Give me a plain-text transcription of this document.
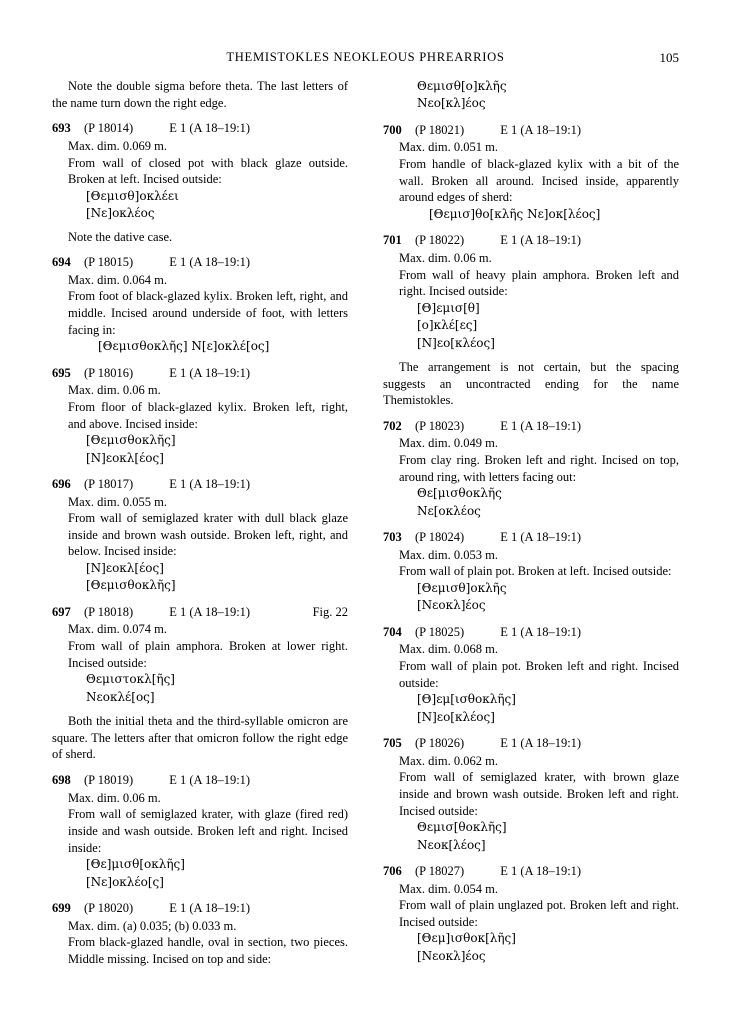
THEMISTOKLES NEOKLEOUS PHREARRIOS	105

Note the double sigma before theta. The last letters of the name turn down the right edge.

693	(P 18014)	E 1 (A 18–19:1)

Max. dim. 0.069 m.

From wall of closed pot with black glaze outside. Broken at left. Incised outside:

[Θεμισθ]οκλέει
[Νε]οκλέος

Note the dative case.

694	(P 18015)	E 1 (A 18–19:1)

Max. dim. 0.064 m.

From foot of black-glazed kylix. Broken left, right, and middle. Incised around underside of foot, with letters facing in:

[Θεμισθοκλῆς] Ν[ε]οκλέ[ος]
695	(P 18016)	E 1 (A 18–19:1)

Max. dim. 0.06 m.

From floor of black-glazed kylix. Broken left, right, and above. Incised inside:

[Θεμισθοκλῆς]
[Ν]εοκλ[έος]
696	(P 18017)	E 1 (A 18–19:1)

Max. dim. 0.055 m.

From wall of semiglazed krater with dull black glaze inside and brown wash outside. Broken left, right, and below. Incised inside:

[Ν]εοκλ[έος]
[Θεμισθοκλῆς]
697	(P 18018)	E 1 (A 18–19:1)	Fig. 22

Max. dim. 0.074 m.

From wall of plain amphora. Broken at lower right. Incised outside:

Θεμιστοκλ[ῆς]
Νεοκλέ[ος]

Both the initial theta and the third-syllable omicron are square. The letters after that omicron follow the right edge of sherd.

698	(P 18019)	E 1 (A 18–19:1)

Max. dim. 0.06 m.

From wall of semiglazed krater, with glaze (fired red) inside and wash outside. Broken left and right. Incised inside:

[Θε]μισθ[οκλῆς]
[Νε]οκλέο[ς]
699	(P 18020)	E 1 (A 18–19:1)

Max. dim. (a) 0.035; (b) 0.033 m.

From black-glazed handle, oval in section, two pieces. Middle missing. Incised on top and side:

Θεμισθ[ο]κλῆς
Νεο[κλ]έος
700	(P 18021)	E 1 (A 18–19:1)

Max. dim. 0.051 m.

From handle of black-glazed kylix with a bit of the wall. Broken all around. Incised inside, apparently around edges of sherd:

[Θεμισ]θο[κλῆς Νε]οκ[λέος]
701	(P 18022)	E 1 (A 18–19:1)

Max. dim. 0.06 m.

From wall of heavy plain amphora. Broken left and right. Incised outside:

[Θ]εμισ[θ]
[ο]κλέ[ες]
[Ν]εο[κλέος]

The arrangement is not certain, but the spacing suggests an uncontracted ending for the name Themistokles.

702	(P 18023)	E 1 (A 18–19:1)

Max. dim. 0.049 m.

From clay ring. Broken left and right. Incised on top, around ring, with letters facing out:

Θε[μισθοκλῆς
Νε[οκλέος
703	(P 18024)	E 1 (A 18–19:1)

Max. dim. 0.053 m.

From wall of plain pot. Broken at left. Incised outside:

[Θεμισθ]οκλῆς
[Νεοκλ]έος
704	(P 18025)	E 1 (A 18–19:1)

Max. dim. 0.068 m.

From wall of plain pot. Broken left and right. Incised outside:

[Θ]εμ[ισθοκλῆς]
[Ν]εο[κλέος]
705	(P 18026)	E 1 (A 18–19:1)

Max. dim. 0.062 m.

From wall of semiglazed krater, with brown glaze inside and brown wash outside. Broken left and right. Incised outside:

Θεμισ[θοκλῆς]
Νεοκ[λέος]
706	(P 18027)	E 1 (A 18–19:1)

Max. dim. 0.054 m.

From wall of plain unglazed pot. Broken left and right. Incised outside:

[Θεμ]ισθοκ[λῆς]
[Νεοκλ]έος
